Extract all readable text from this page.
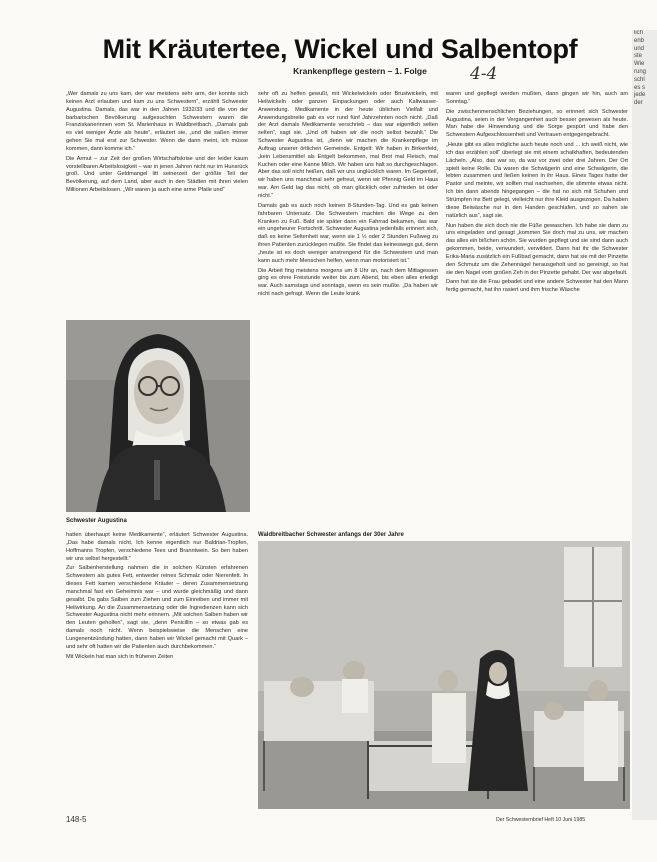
Mit Kräutertee, Wickel und Salbentopf
Krankenpflege gestern – 1. Folge	4-4

„Wer damals zu uns kam, der war meistens sehr arm, der konnte sich keinen Arzt erlauben und kam zu uns Schwestern“, erzählt Schwester Augustina. Damals, das war in den Jahren 1932/33 und die von der barbarischen Bevölkerung aufgesuchten Schwestern waren die Franziskanerinnen vom St. Marienhaus in Waldbreitbach. „Damals gab es viel weniger Ärzte als heute“, erläutert sie, „und die saßen immer gehen Sie mal erst zur Schwester. Wenn die dann meint, ich müsse kommen, dann komme ich.“

Die Armut – zur Zeit der großen Wirtschaftskrise und der leider kaum vorstellbaren Arbeitslosigkeit – war in jenen Jahren nicht nur im Hunsrück groß. Und unter Geldmangel litt seinerzeit der größte Teil der Bevölkerung, auf dem Land, aber auch in den Städten mit ihren vielen Millionen Arbeitslosen. „Wir waren ja auch eine arme Pfaile und“

sehr oft zu helfen gewußt, mit Wickelwickeln oder Brustwickeln, mit Heilwickeln oder ganzen Einpackungen oder auch Kaltwasser-Anwendung. Medikamente in der heute üblichen Vielfalt und Anwendungsbreite gab es vor rund fünf Jahrzehnten noch nicht. „Daß der Arzt damals Medikamente verschrieb – das war eigentlich selten selten“, sagt sie. „Und oft haben wir die noch selbst bezahlt.“ Die Schwester Augustina ist, „denn wir machen die Krankenpflege im Auftrag unserer örtlichen Gemeinde. Entgelt: Wir haben in Birkenfeld, „kein Lebensmittel als Entgelt bekommen, mal Brot mal Fleisch, mal Kuchen oder eine Kanne Milch. Wir haben uns halt so durchgeschlagen. Aber das soll nicht heißen, daß wir uns unglücklich waren. Im Gegenteil, wir haben uns manchmal sehr gefreut, wenn wir Pfennig Geld im Haus war. Am Geld lag das nicht, ob man glücklich oder zufrieden ist oder nicht.“

Damals gab es auch noch keinen 8-Stunden-Tag. Und es gab keinen fahrbaren Untersatz. Die Schwestern machten die Wege zu den Kranken zu Fuß. Bald sie später dann ein Fahrrad bekamen, das war ein ungeheurer Fortschritt. Schwester Augustina jedenfalls erinnert sich, daß es keine Seltenheit war, wenn sie 1 ½ oder 2 Stunden Fußweg zu ihren Patienten zurücklegen mußte. Sie findet das keineswegs gut, denn „heute ist es doch weniger anstrengend für die Schwestern und man kann auch mehr Menschen helfen, wenn man motorisiert ist.“

Die Arbeit fing meistens morgens um 8 Uhr an, nach dem Mittagessen ging es ohne Freistunde weiter bis zum Abend, bis eben alles erledigt war. Auch samstags und sonntags, wenn es sein mußte. „Da haben wir nicht nach gefragt. Wenn die Leute krank

waren und gepflegt werden mußten, dann gingen wir hin, auch am Sonntag.“

Die zwischenmenschlichen Beziehungen, so erinnert sich Schwester Augustina, seien in der Vergangenheit auch besser gewesen als heute. Man habe die Hinwendung und die Sorge gespürt und habe den Schwestern Aufgeschlossenheit und Vertrauen entgegengebracht.

„Heute gibt es alles mögliche auch heute noch und ... ich weiß nicht, wie ich das erzählen soll“ überlegt sie mit einem schalkhaften, bedeutenden Lächeln. „Also, das war so, da war vor zwei oder drei Jahren. Der Ort spielt keine Rolle. Da waren die Schwägerin und eine Schwägerin, die lebten zusammen und ließen keinen in ihr Haus. Eines Tages hatte der Pastor und meinte, wir sollten mal nachsehen, die stimmte etwas nicht. Ich bin dann abends hingegangen – die hat no sich mit Schuhen und Strümpfen ins Bett gelegt, vielleicht nur ihre Kleid ausgezogen. Da haben diese Beiwäsche nur in den Handen geschlafen, und so sahen sie natürlich aus“, sagt sie.

Nun haben die sich doch nie die Füße gewaschen. Ich habe sie dann zu uns eingeladen und gesagt „kommen Sie doch mal zu uns, wir machen das alles ein bißchen schön. Sie wurden gepflegt und sie sind dann auch gekommen, beide, verwundert, verwildert. Dann hat ihr die Schwester Erika-Maria zusätzlich ein Fußbad gemacht, dann hat sie mit der Pinzette den Schmutz um die Zehennägel herausgeholt und so gereinigt, so hat sie den Nagel vom großen Zeh in der Pinzette gehabt. Der war abgefault.

Dann hat sie die Frau gebadet und eine andere Schwester hat den Mann fertig gemacht, hat ihn rasiert und ihm frische Wäsche

Schwester Augustina

hatten überhaupt keine Medikamente“, erläutert Schwester Augustina. „Das habe damals nicht. Ich kenne eigentlich nur Baldrian-Tropfen, Hoffmanns Tropfen, verschiedene Tees und Branntwein. So ben haben wir uns selbst hergestellt.“

Zur Salbenherstellung nahmen die in solchen Künsten erfahrenen Schwestern als gutes Fett, entweder reines Schmalz oder Nierenfett. In dieses Fett kamen verschiedene Kräuter – deren Zusammensetzung manchmal fast ein Geheimnis war – und wurde gleichmäßig und dann gesalbt. Da gabs Salben zum Ziehen und zum Einreiben und immer mit Heilwirkung. An die Zusammensetzung oder die Ingredienzen kann sich Schwester Augustina nicht mehr erinnern. „Mit solchen Salben haben wir den Leuten geholfen“, sagt sie, „denn Penicillin – so etwas gab es damals noch nicht. Wenn beispielsweise die Menschen eine Lungenentzündung hatten, dann haben wir Wickel gemacht mit Quark – und sehr oft hatten wir die Patienten auch durchbekommen.“

Mit Wickeln hat man sich in früheren Zeiten

Waldbreitbacher Schwester anfangs der 30er Jahre
148-5	Der Schwesternbrief Heft 10 Juni 1985
lich
enb
und
ste
Wie
rung
schl
es s
jede
der
